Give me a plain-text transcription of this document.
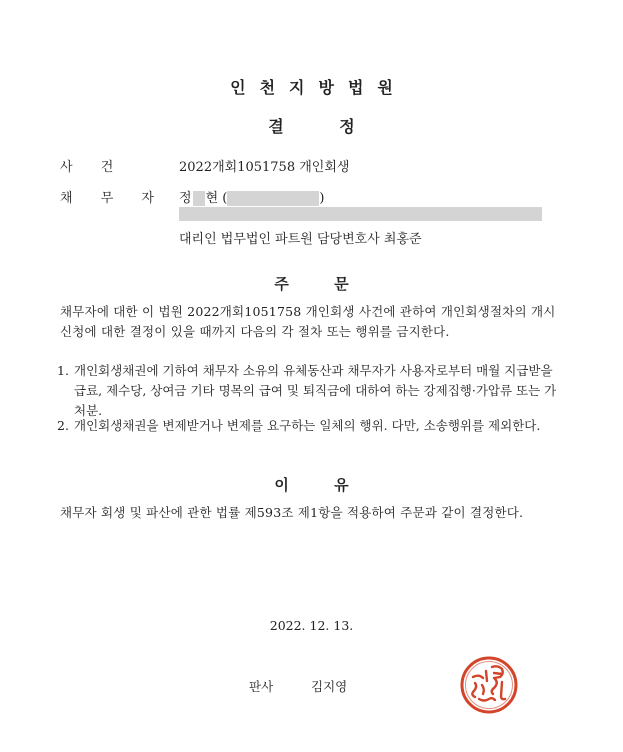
인천지방법원
결 정
사 건	2022개회1051758 개인회생
채 무 자 정 현 (	)
대리인 법무법인 파트원 담당변호사 최홍준
주 문
채무자에 대한 이 법원 2022개회1051758 개인회생 사건에 관하여 개인회생절차의 개시신청에 대한 결정이 있을 때까지 다음의 각 절차 또는 행위를 금지한다.
1. 개인회생채권에 기하여 채무자 소유의 유체동산과 채무자가 사용자로부터 매월 지급받을 급료, 제수당, 상여금 기타 명목의 급여 및 퇴직금에 대하여 하는 강제집행·가압류 또는 가처분.
2. 개인회생채권을 변제받거나 변제를 요구하는 일체의 행위. 다만, 소송행위를 제외한다.
이 유
채무자 회생 및 파산에 관한 법률 제593조 제1항을 적용하여 주문과 같이 결정한다.
2022. 12. 13.
판사	김지영
